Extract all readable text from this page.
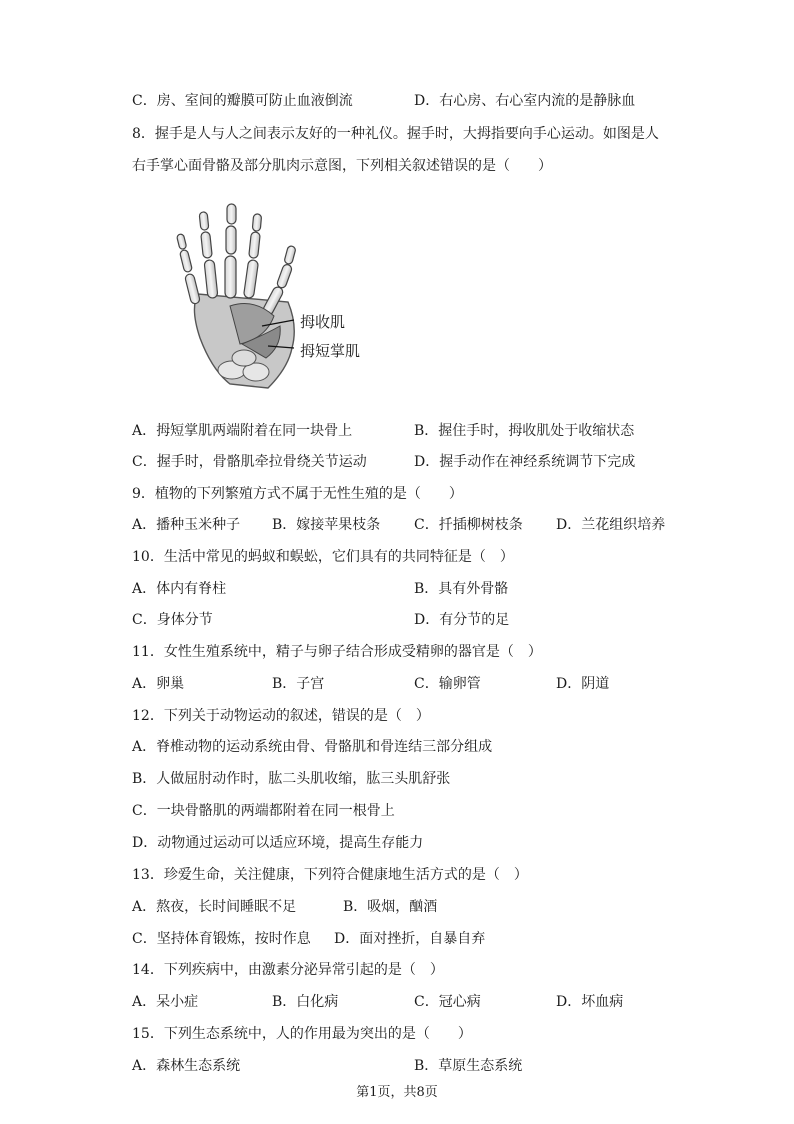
C．房、室间的瓣膜可防止血液倒流	D．右心房、右心室内流的是静脉血
8．握手是人与人之间表示友好的一种礼仪。握手时，大拇指要向手心运动。如图是人
右手掌心面骨骼及部分肌肉示意图，下列相关叙述错误的是（　　）
拇收肌
拇短掌肌
A．拇短掌肌两端附着在同一块骨上	B．握住手时，拇收肌处于收缩状态
C．握手时，骨骼肌牵拉骨绕关节运动	D．握手动作在神经系统调节下完成
9．植物的下列繁殖方式不属于无性生殖的是（　　）
A．播种玉米种子 B．嫁接苹果枝条 C．扦插柳树枝条 D．兰花组织培养
10．生活中常见的蚂蚁和蜈蚣，它们具有的共同特征是（　）
A．体内有脊柱	B．具有外骨骼
C．身体分节	D．有分节的足
11．女性生殖系统中，精子与卵子结合形成受精卵的器官是（　）
A．卵巢	B．子宫	C．输卵管	D．阴道
12．下列关于动物运动的叙述，错误的是（　）
A．脊椎动物的运动系统由骨、骨骼肌和骨连结三部分组成
B．人做屈肘动作时，肱二头肌收缩，肱三头肌舒张
C．一块骨骼肌的两端都附着在同一根骨上
D．动物通过运动可以适应环境，提高生存能力
13．珍爱生命，关注健康，下列符合健康地生活方式的是（　）
A．熬夜，长时间睡眠不足	B．吸烟，酗酒
C．坚持体育锻炼，按时作息 D．面对挫折，自暴自弃
14．下列疾病中，由激素分泌异常引起的是（　）
A．呆小症	B．白化病	C．冠心病	D．坏血病
15．下列生态系统中，人的作用最为突出的是（　　）
A．森林生态系统	B．草原生态系统
第1页，共8页
